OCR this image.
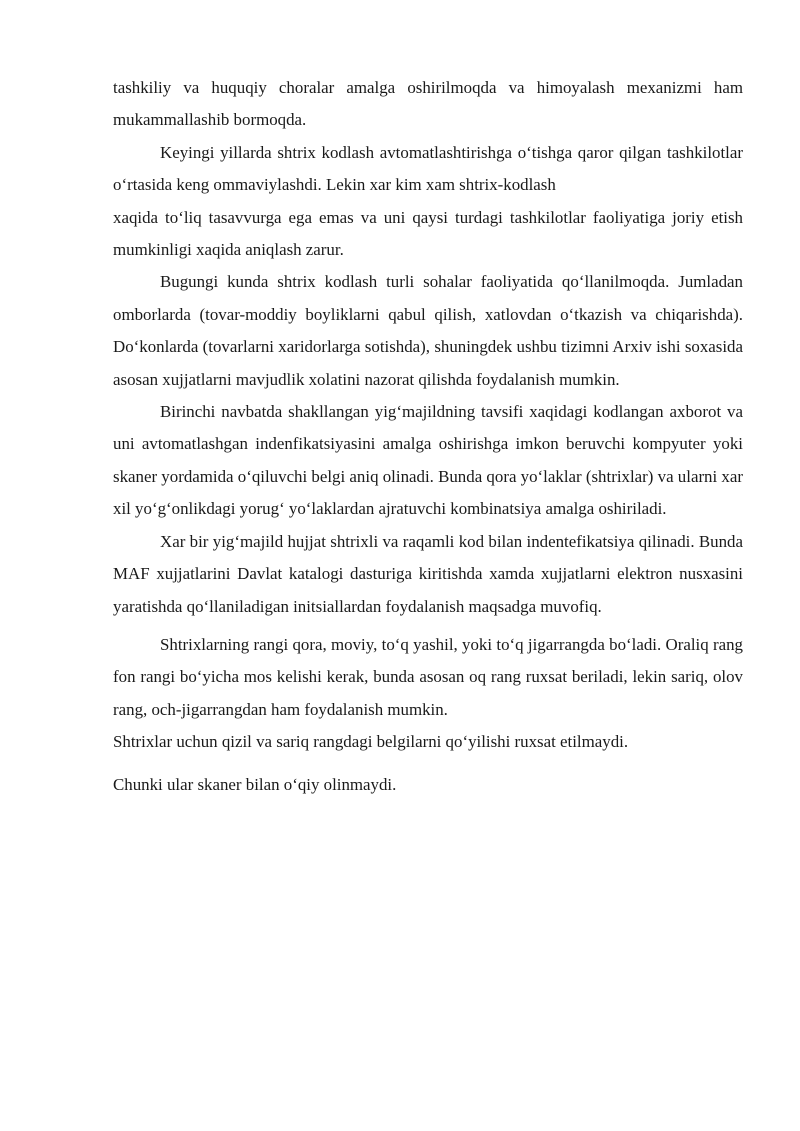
tashkiliy va huquqiy choralar amalga oshirilmoqda va himoyalash mexanizmi ham mukammallashib bormoqda.

Keyingi yillarda shtrix kodlash avtomatlashtirishga o‘tishga qaror qilgan tashkilotlar o‘rtasida keng ommaviylashdi. Lekin xar kim xam shtrix-kodlash

xaqida to‘liq tasavvurga ega emas va uni qaysi turdagi tashkilotlar faoliyatiga joriy etish mumkinligi xaqida aniqlash zarur.

Bugungi kunda shtrix kodlash turli sohalar faoliyatida qo‘llanilmoqda. Jumladan omborlarda (tovar-moddiy boyliklarni qabul qilish, xatlovdan o‘tkazish va chiqarishda). Do‘konlarda (tovarlarni xaridorlarga sotishda), shuningdek ushbu tizimni Arxiv ishi soxasida asosan xujjatlarni mavjudlik xolatini nazorat qilishda foydalanish mumkin.

Birinchi navbatda shakllangan yig‘majildning tavsifi xaqidagi kodlangan axborot va uni avtomatlashgan indenfikatsiyasini amalga oshirishga imkon beruvchi kompyuter yoki skaner yordamida o‘qiluvchi belgi aniq olinadi. Bunda qora yo‘laklar (shtrixlar) va ularni xar xil yo‘g‘onlikdagi yorug‘ yo‘laklardan ajratuvchi kombinatsiya amalga oshiriladi.

Xar bir yig‘majild hujjat shtrixli va raqamli kod bilan indentefikatsiya qilinadi. Bunda MAF xujjatlarini Davlat katalogi dasturiga kiritishda xamda xujjatlarni elektron nusxasini yaratishda qo‘llaniladigan initsiallardan foydalanish maqsadga muvofiq.

Shtrixlarning rangi qora, moviy, to‘q yashil, yoki to‘q jigarrangda bo‘ladi. Oraliq rang fon rangi bo‘yicha mos kelishi kerak, bunda asosan oq rang ruxsat beriladi, lekin sariq, olov rang, och-jigarrangdan ham foydalanish mumkin.

Shtrixlar uchun qizil va sariq rangdagi belgilarni qo‘yilishi ruxsat etilmaydi.

Chunki ular skaner bilan o‘qiy olinmaydi.
